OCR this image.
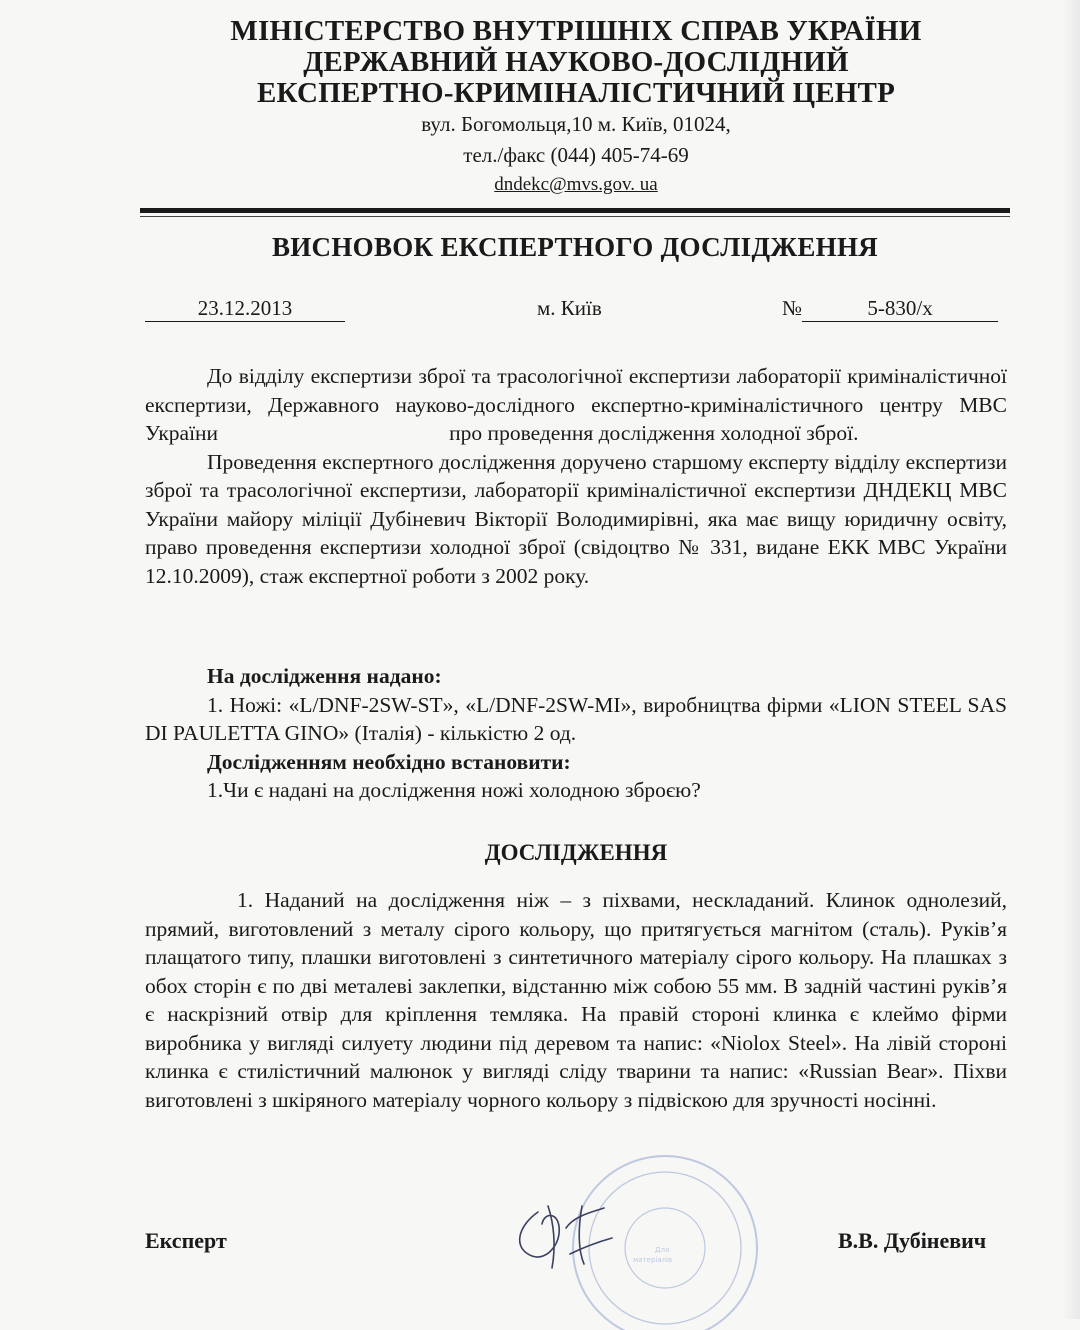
МІНІСТЕРСТВО ВНУТРІШНІХ СПРАВ УКРАЇНИ
ДЕРЖАВНИЙ НАУКОВО-ДОСЛІДНИЙ
ЕКСПЕРТНО-КРИМІНАЛІСТИЧНИЙ ЦЕНТР
вул. Богомольця,10 м. Київ, 01024,
тел./факс (044) 405-74-69
dndekc@mvs.gov. ua
ВИСНОВОК ЕКСПЕРТНОГО ДОСЛІДЖЕННЯ
23.12.2013	м. Київ	№	5-830/х

До відділу експертизи зброї та трасологічної експертизи лабораторії криміналістичної експертизи, Державного науково-дослідного експертно-криміналістичного центру МВС України                                           про проведення дослідження холодної зброї.

Проведення експертного дослідження доручено старшому експерту відділу експертизи зброї та трасологічної експертизи, лабораторії криміналістичної експертизи ДНДЕКЦ МВС України майору міліції Дубіневич Вікторії Володимирівні, яка має вищу юридичну освіту, право проведення експертизи холодної зброї (свідоцтво № 331, видане ЕКК МВС України 12.10.2009), стаж експертної роботи з 2002 року.

На дослідження надано:

1. Ножі: «L/DNF-2SW-ST», «L/DNF-2SW-MI», виробництва фірми «LION STEEL SAS DI PAULETTA GINO» (Італія) - кількістю 2 од.

Дослідженням необхідно встановити:

1.Чи є надані на дослідження ножі холодною зброєю?

ДОСЛІДЖЕННЯ

1. Наданий на дослідження ніж – з піхвами, нескладаний. Клинок однолезий, прямий, виготовлений з металу сірого кольору, що притягується магнітом (сталь). Руків’я плащатого типу, плашки виготовлені з синтетичного матеріалу сірого кольору. На плашках з обох сторін є по дві металеві заклепки, відстанню між собою 55 мм. В задній частині руків’я є наскрізний отвір для кріплення темляка. На правій стороні клинка є клеймо фірми виробника у вигляді силуету людини під деревом та напис: «Niolox Steel». На лівій стороні клинка є стилістичний малюнок у вигляді сліду тварини та напис: «Russian Bear». Піхви виготовлені з шкіряного матеріалу чорного кольору з підвіскою для зручності носінні.

Для
матеріалів
Експерт	В.В. Дубіневич
